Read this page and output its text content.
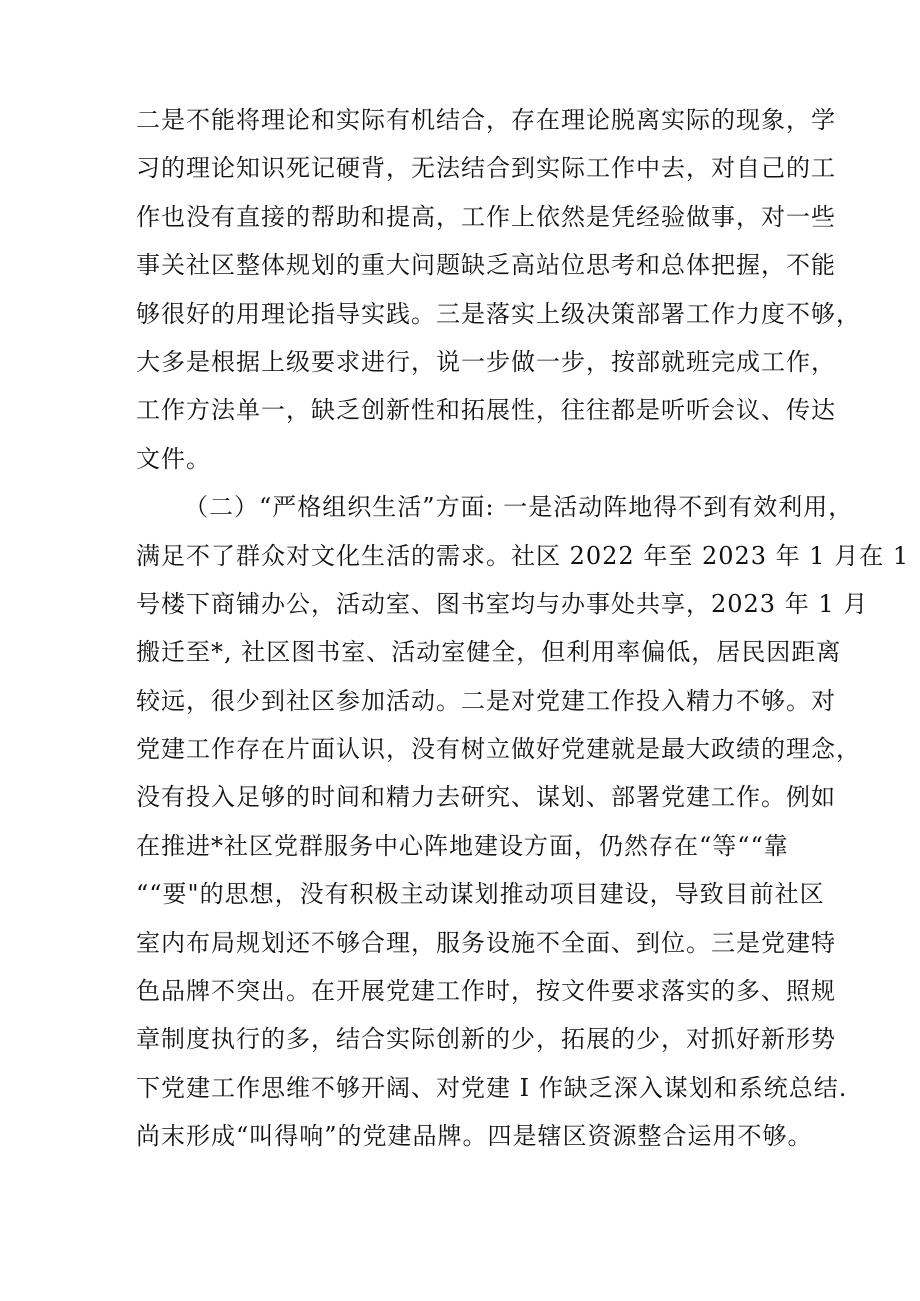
二是不能将理论和实际有机结合，存在理论脱离实际的现象，学
习的理论知识死记硬背，无法结合到实际工作中去，对自己的工
作也没有直接的帮助和提高，工作上依然是凭经验做事，对一些
事关社区整体规划的重大问题缺乏高站位思考和总体把握，不能
够很好的用理论指导实践。三是落实上级决策部署工作力度不够，
大多是根据上级要求进行，说一步做一步，按部就班完成工作，
工作方法单一，缺乏创新性和拓展性，往往都是听听会议、传达
文件。
（二）“严格组织生活”方面: 一是活动阵地得不到有效利用，
满足不了群众对文化生活的需求。社区 2022 年至 2023 年 1 月在 1
号楼下商铺办公，活动室、图书室均与办事处共享，2023 年 1 月
搬迁至*, 社区图书室、活动室健全，但利用率偏低，居民因距离
较远，很少到社区参加活动。二是对党建工作投入精力不够。对
党建工作存在片面认识，没有树立做好党建就是最大政绩的理念，
没有投入足够的时间和精力去研究、谋划、部署党建工作。例如
在推进*社区党群服务中心阵地建设方面，仍然存在“等““靠
““要"的思想，没有积极主动谋划推动项目建设，导致目前社区
室内布局规划还不够合理，服务设施不全面、到位。三是党建特
色品牌不突出。在开展党建工作时，按文件要求落实的多、照规
章制度执行的多，结合实际创新的少，拓展的少，对抓好新形势
下党建工作思维不够开阔、对党建 I 作缺乏深入谋划和系统总结.
尚末形成“叫得响”的党建品牌。四是辖区资源整合运用不够。
